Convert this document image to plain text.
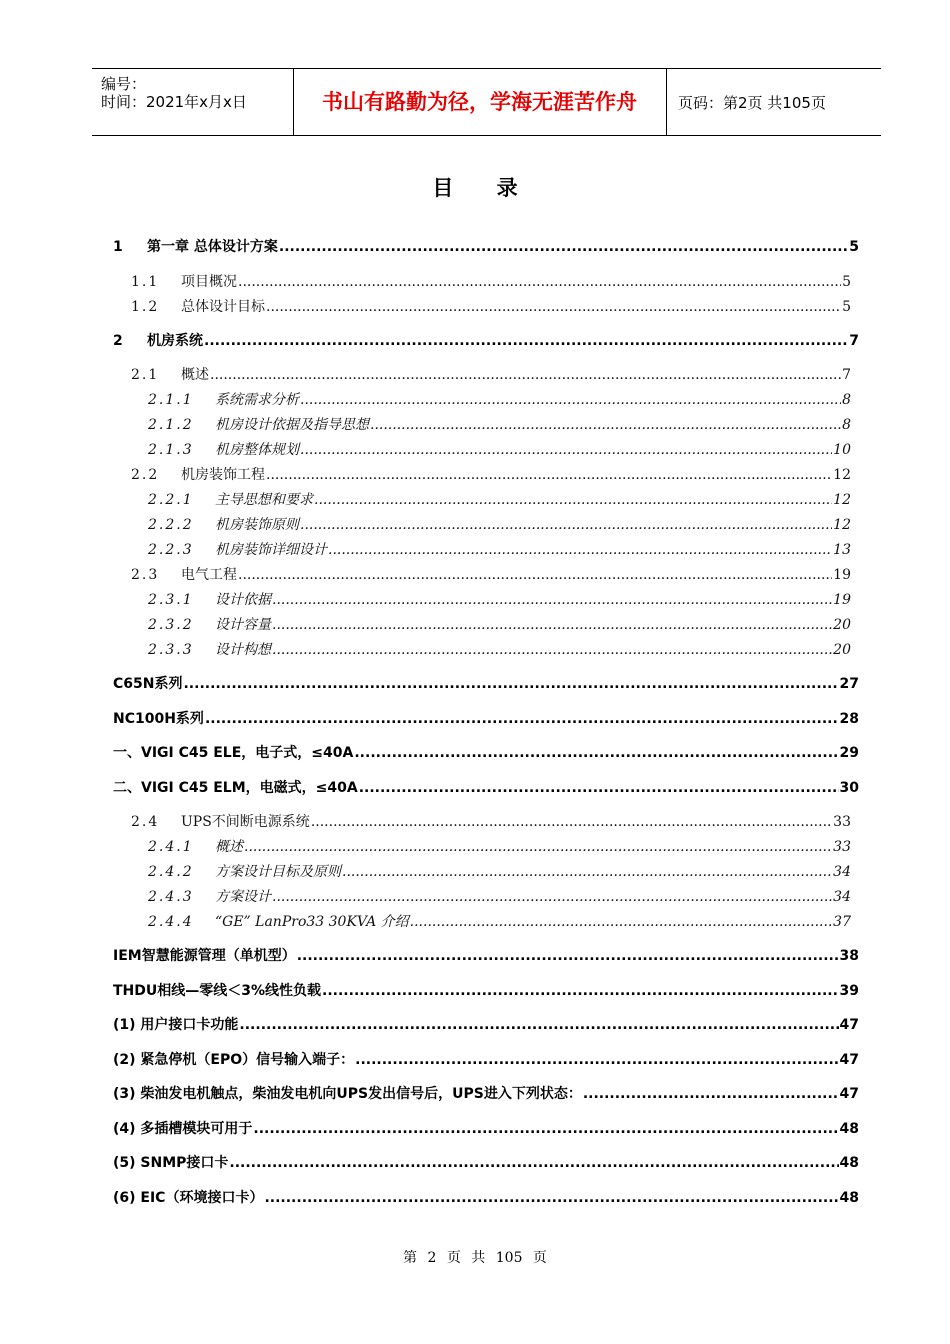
编号：
时间：2021年x月x日	书山有路勤为径，学海无涯苦作舟	页码：第2页 共105页
目 录
1	第一章 总体设计方案 .....	5
1.1	项目概况 .....	5
1.2	总体设计目标 .....	5
2	机房系统 .....	7
2.1	概述 .....	7
2.1.1	系统需求分析 .....	8
2.1.2	机房设计依据及指导思想 .....	8
2.1.3	机房整体规划 .....	10
2.2	机房装饰工程 .....	12
2.2.1	主导思想和要求 .....	12
2.2.2	机房装饰原则 .....	12
2.2.3	机房装饰详细设计 .....	13
2.3	电气工程 .....	19
2.3.1	设计依据 .....	19
2.3.2	设计容量 .....	20
2.3.3	设计构想 .....	20
C65N系列 .....	27
NC100H系列 .....	28
一、VIGI C45 ELE，电子式，≤40A .....	29
二、VIGI C45 ELM，电磁式，≤40A .....	30
2.4	UPS不间断电源系统 .....	33
2.4.1	概述 .....	33
2.4.2	方案设计目标及原则 .....	34
2.4.3	方案设计 .....	34
2.4.4	“GE” LanPro33 30KVA 介绍 .....	37
IEM智慧能源管理（单机型） .....	38
THDU相线—零线＜3%线性负载 .....	39
(1) 用户接口卡功能 .....	47
(2) 紧急停机（EPO）信号输入端子： .....	47
(3) 柴油发电机触点，柴油发电机向UPS发出信号后，UPS进入下列状态： .....	47
(4) 多插槽模块可用于 .....	48
(5) SNMP接口卡 .....	48
(6) EIC（环境接口卡） .....	48
第 2 页 共 105 页
